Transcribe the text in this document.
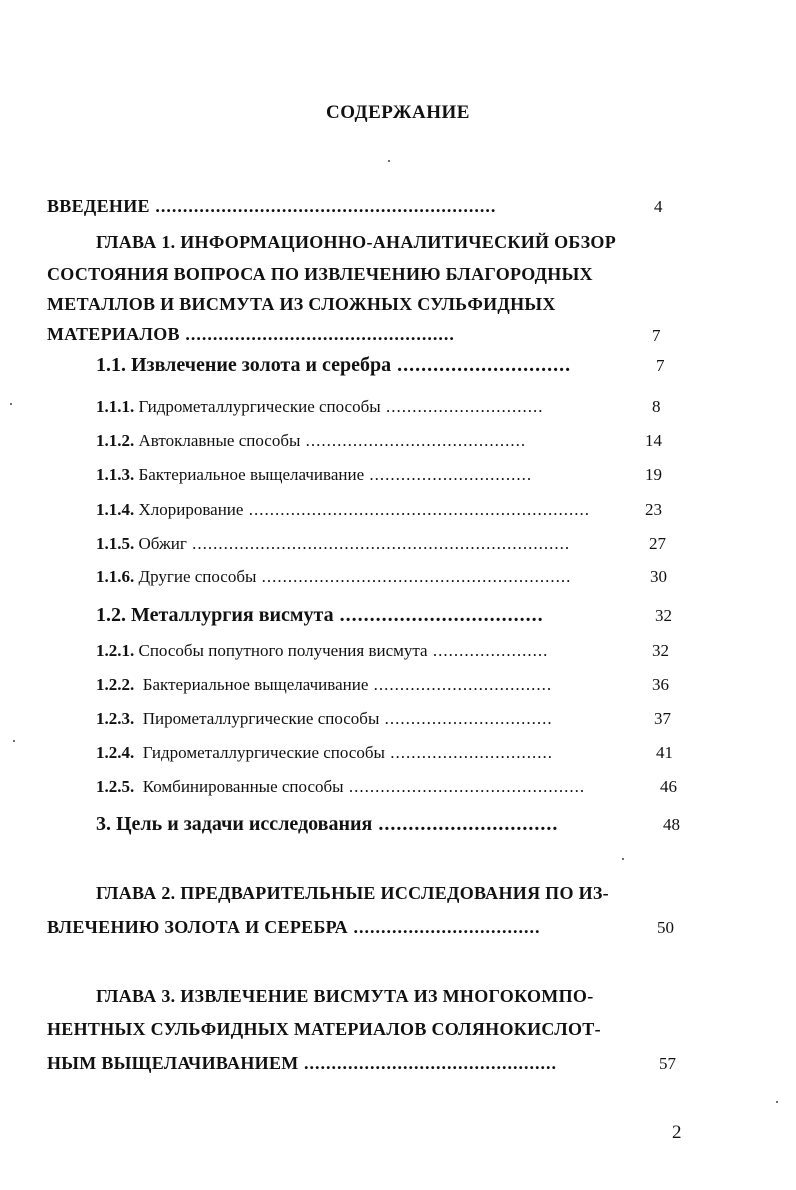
СОДЕРЖАНИЕ
ВВЕДЕНИЕ ..............................................................	4
ГЛАВА 1. ИНФОРМАЦИОННО-АНАЛИТИЧЕСКИЙ ОБЗОР
СОСТОЯНИЯ ВОПРОСА ПО ИЗВЛЕЧЕНИЮ БЛАГОРОДНЫХ
МЕТАЛЛОВ И ВИСМУТА ИЗ СЛОЖНЫХ СУЛЬФИДНЫХ
МАТЕРИАЛОВ .................................................	7
1.1. Извлечение золота и серебра .............................	7
1.1.1. Гидрометаллургические способы ..............................	8
1.1.2. Автоклавные способы ..........................................	14
1.1.3. Бактериальное выщелачивание ...............................	19
1.1.4. Хлорирование .................................................................	23
1.1.5. Обжиг ........................................................................	27
1.1.6. Другие способы ...........................................................	30
1.2. Металлургия висмута ..................................	32
1.2.1. Способы попутного получения висмута ......................	32
1.2.2. Бактериальное выщелачивание ..................................	36
1.2.3. Пирометаллургические способы ................................	37
1.2.4. Гидрометаллургические способы ...............................	41
1.2.5. Комбинированные способы .............................................	46
3. Цель и задачи исследования ..............................	48
ГЛАВА 2. ПРЕДВАРИТЕЛЬНЫЕ ИССЛЕДОВАНИЯ ПО ИЗ-
ВЛЕЧЕНИЮ ЗОЛОТА И СЕРЕБРА ..................................	50
ГЛАВА 3. ИЗВЛЕЧЕНИЕ ВИСМУТА ИЗ МНОГОКОМПО-
НЕНТНЫХ СУЛЬФИДНЫХ МАТЕРИАЛОВ СОЛЯНОКИСЛОТ-
НЫМ ВЫЩЕЛАЧИВАНИЕМ ..............................................	57
2
